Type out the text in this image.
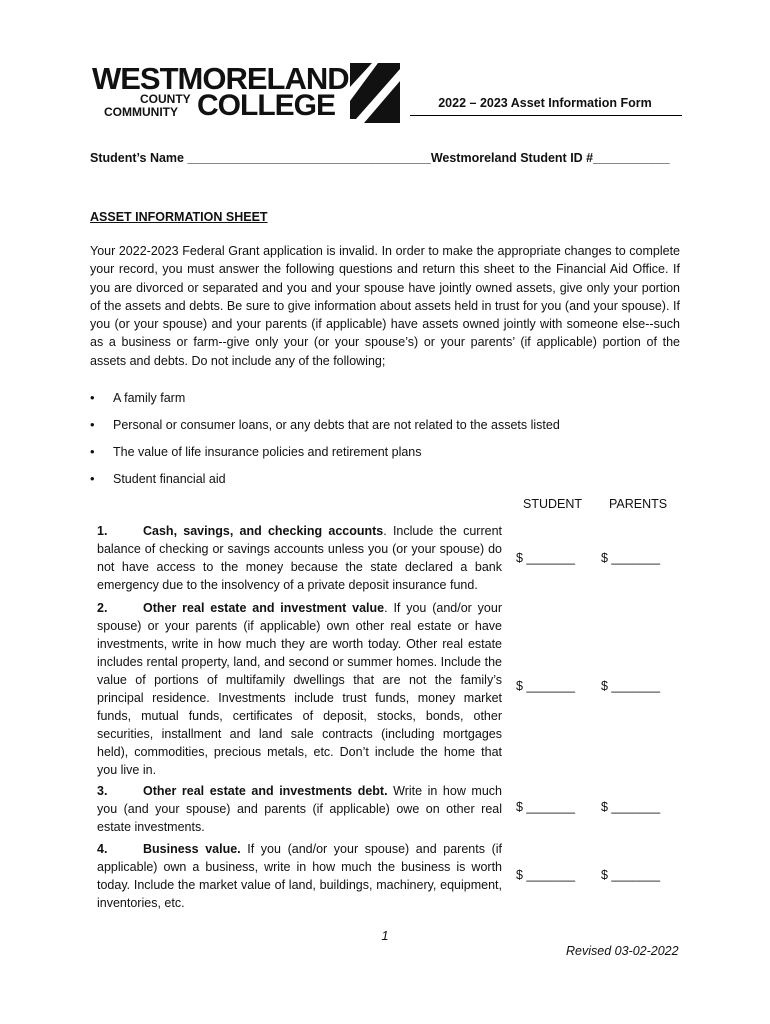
WESTMORELAND
COUNTY
COMMUNITY COLLEGE	2022 – 2023 Asset Information Form
Student’s Name ___________________________________Westmoreland Student ID #___________
ASSET INFORMATION SHEET
Your 2022-2023 Federal Grant application is invalid. In order to make the appropriate changes to complete your record, you must answer the following questions and return this sheet to the Financial Aid Office. If you are divorced or separated and you and your spouse have jointly owned assets, give only your portion of the assets and debts. Be sure to give information about assets held in trust for you (and your spouse). If you (or your spouse) and your parents (if applicable) have assets owned jointly with someone else--such as a business or farm--give only your (or your spouse’s) or your parents’ (if applicable) portion of the assets and debts. Do not include any of the following;
• A family farm
• Personal or consumer loans, or any debts that are not related to the assets listed
• The value of life insurance policies and retirement plans
• Student financial aid
STUDENT PARENTS
1.	Cash, savings, and checking accounts. Include the current balance of checking or savings accounts unless you (or your spouse) do not have access to the money because the state declared a bank emergency due to the insolvency of a private deposit insurance fund.
$ _______ $ _______
2.	Other real estate and investment value. If you (and/or your spouse) or your parents (if applicable) own other real estate or have investments, write in how much they are worth today. Other real estate includes rental property, land, and second or summer homes. Include the value of portions of multifamily dwellings that are not the family’s principal residence. Investments include trust funds, money market funds, mutual funds, certificates of deposit, stocks, bonds, other securities, installment and land sale contracts (including mortgages held), commodities, precious metals, etc. Don’t include the home that you live in.
$ _______ $ _______
3.	Other real estate and investments debt. Write in how much you (and your spouse) and parents (if applicable) owe on other real estate investments.
$ _______ $ _______
4.	Business value. If you (and/or your spouse) and parents (if applicable) own a business, write in how much the business is worth today. Include the market value of land, buildings, machinery, equipment, inventories, etc.
$ _______ $ _______
1
Revised 03-02-2022
